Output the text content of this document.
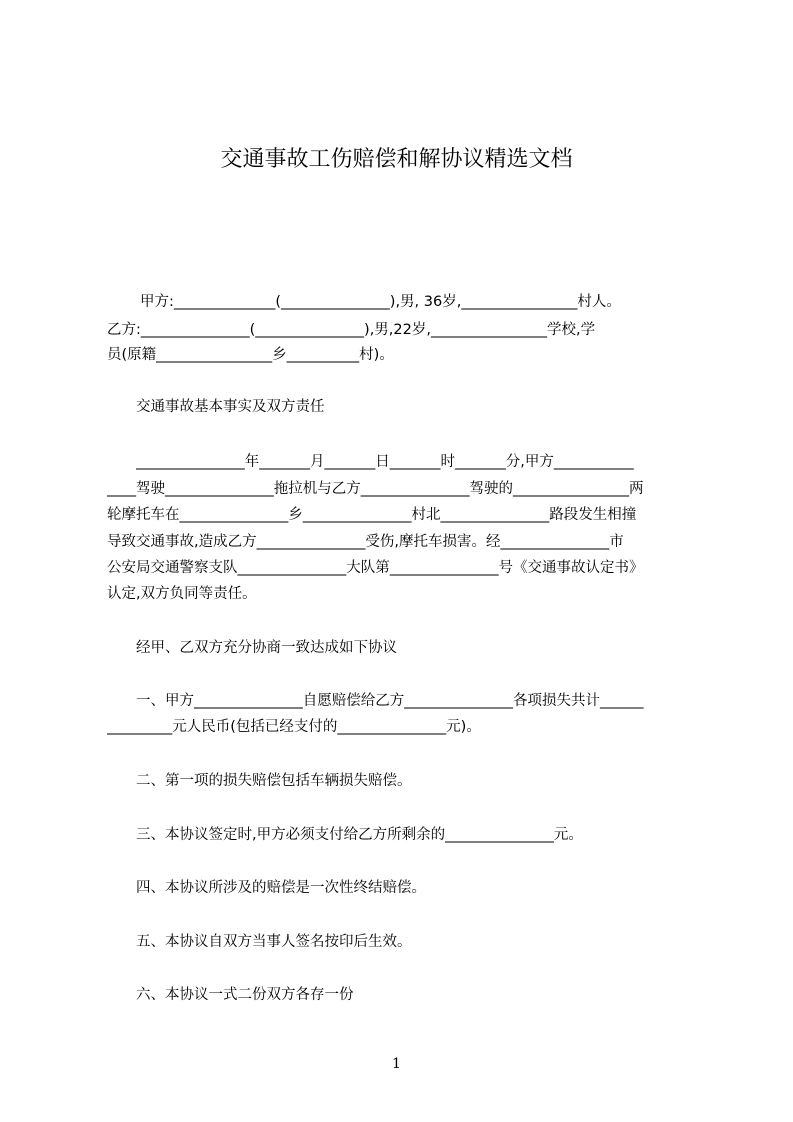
交通事故工伤赔偿和解协议精选文档
甲方:______________(_______________),男, 36岁,________________村人。
乙方:_______________(_______________),男,22岁,________________学校,学
员(原籍________________乡__________村)。
交通事故基本事实及双方责任
_______________年_______月_______日_______时_______分,甲方___________
____驾驶_______________拖拉机与乙方_______________驾驶的________________两
轮摩托车在_______________乡_______________村北_______________路段发生相撞
导致交通事故,造成乙方_______________受伤,摩托车损害。经_______________市
公安局交通警察支队_______________大队第_______________号《交通事故认定书》
认定,双方负同等责任。
经甲、乙双方充分协商一致达成如下协议
一、甲方_______________自愿赔偿给乙方_______________各项损失共计______
_________元人民币(包括已经支付的_______________元)。
二、第一项的损失赔偿包括车辆损失赔偿。
三、本协议签定时,甲方必须支付给乙方所剩余的_______________元。
四、本协议所涉及的赔偿是一次性终结赔偿。
五、本协议自双方当事人签名按印后生效。
六、本协议一式二份双方各存一份
1
